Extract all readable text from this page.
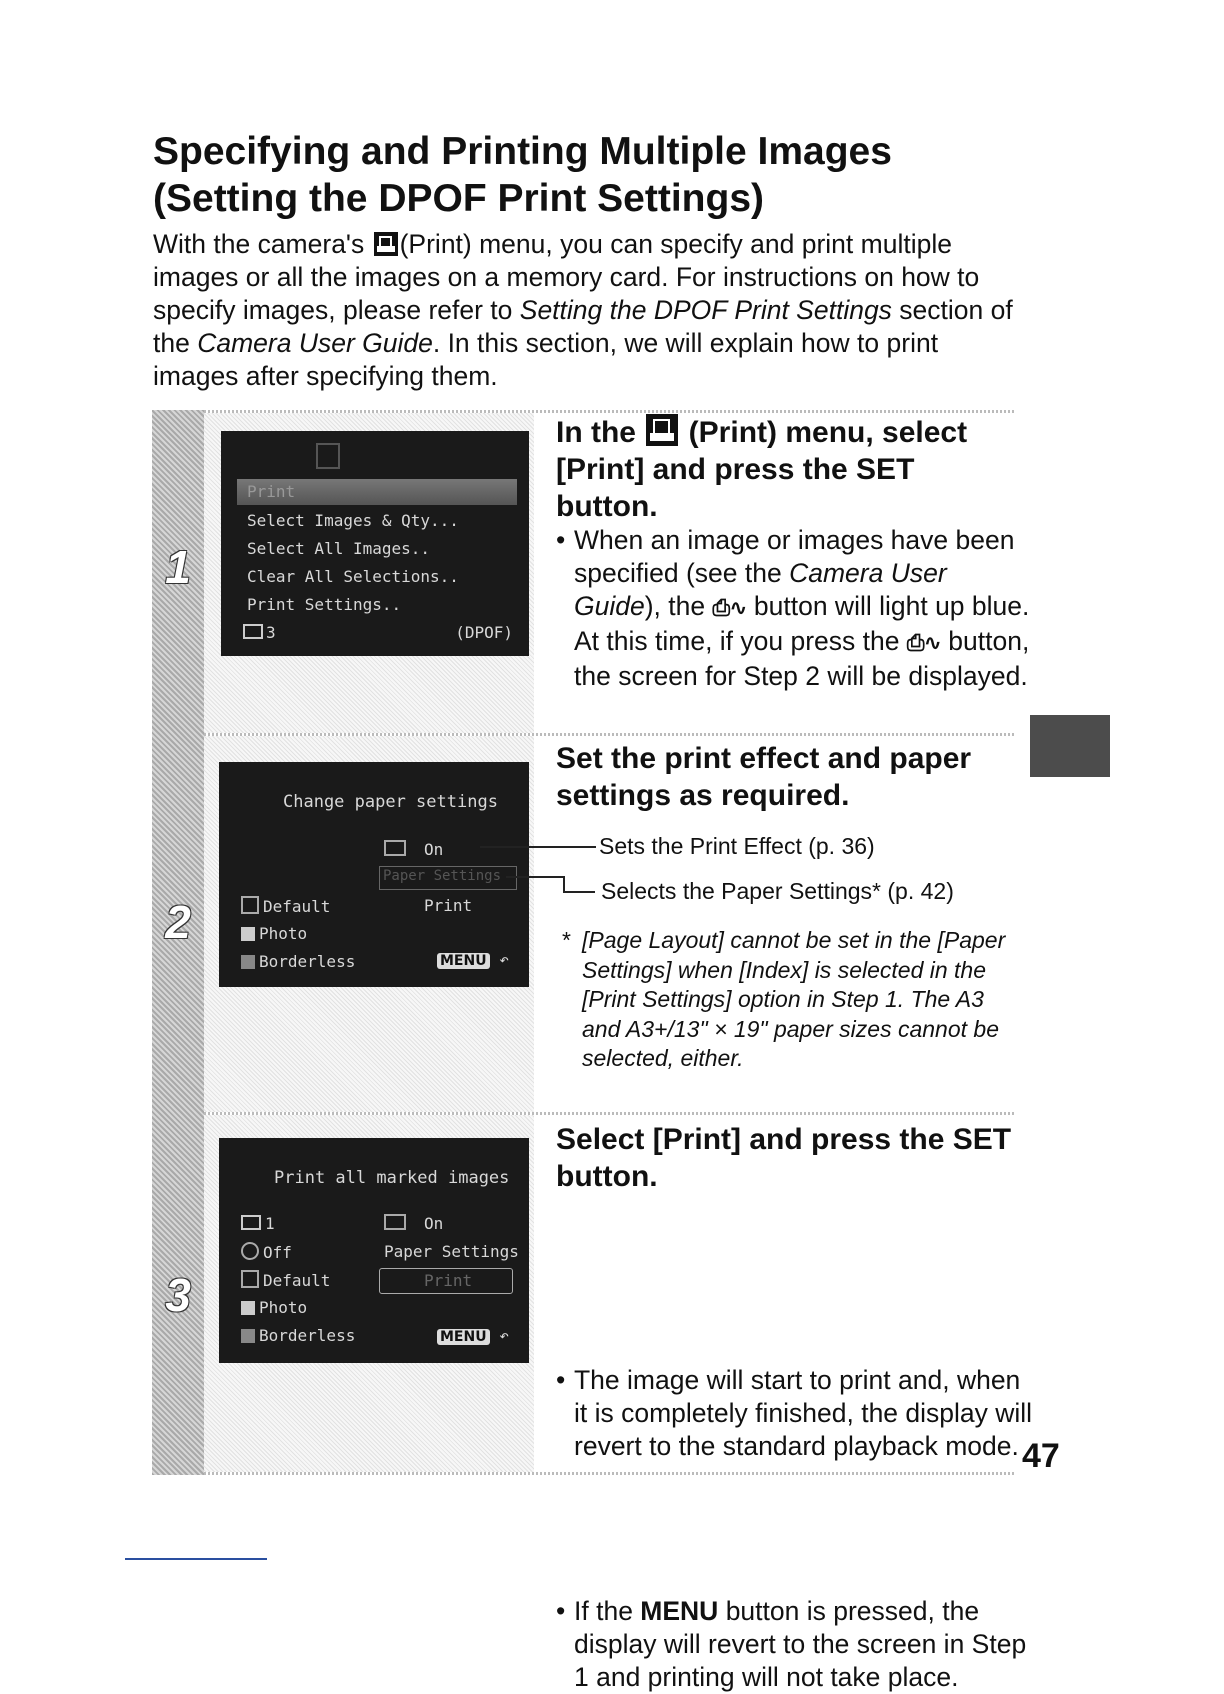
Specifying and Printing Multiple Images
(Setting the DPOF Print Settings)

With the camera's (Print) menu, you can specify and print multiple images or all the images on a memory card. For instructions on how to specify images, please refer to Setting the DPOF Print Settings section of the Camera User Guide. In this section, we will explain how to print images after specifying them.

1
2
3
Print
Select Images & Qty...
Select All Images..
Clear All Selections..
Print Settings..
3	(DPOF)
Change paper settings
On
Paper Settings
Default	Print
Photo
Borderless	MENU ↶
Sets the Print Effect (p. 36)
Selects the Paper Settings* (p. 42)
Print all marked images
1	On
Off	Paper Settings
Default	Print
Photo
Borderless	MENU ↶
In the  (Print) menu, select [Print] and press the SET button.

• When an image or images have been specified (see the Camera User Guide), the ⎙∿ button will light up blue. At this time, if you press the ⎙∿ button, the screen for Step 2 will be displayed.

Set the print effect and paper settings as required.

* [Page Layout] cannot be set in the [Paper Settings] when [Index] is selected in the [Print Settings] option in Step 1. The A3 and A3+/13" × 19" paper sizes cannot be selected, either.

Select [Print] and press the SET button.

• The image will start to print and, when it is completely finished, the display will revert to the standard playback mode.

• If the MENU button is pressed, the display will revert to the screen in Step 1 and printing will not take place.

47
